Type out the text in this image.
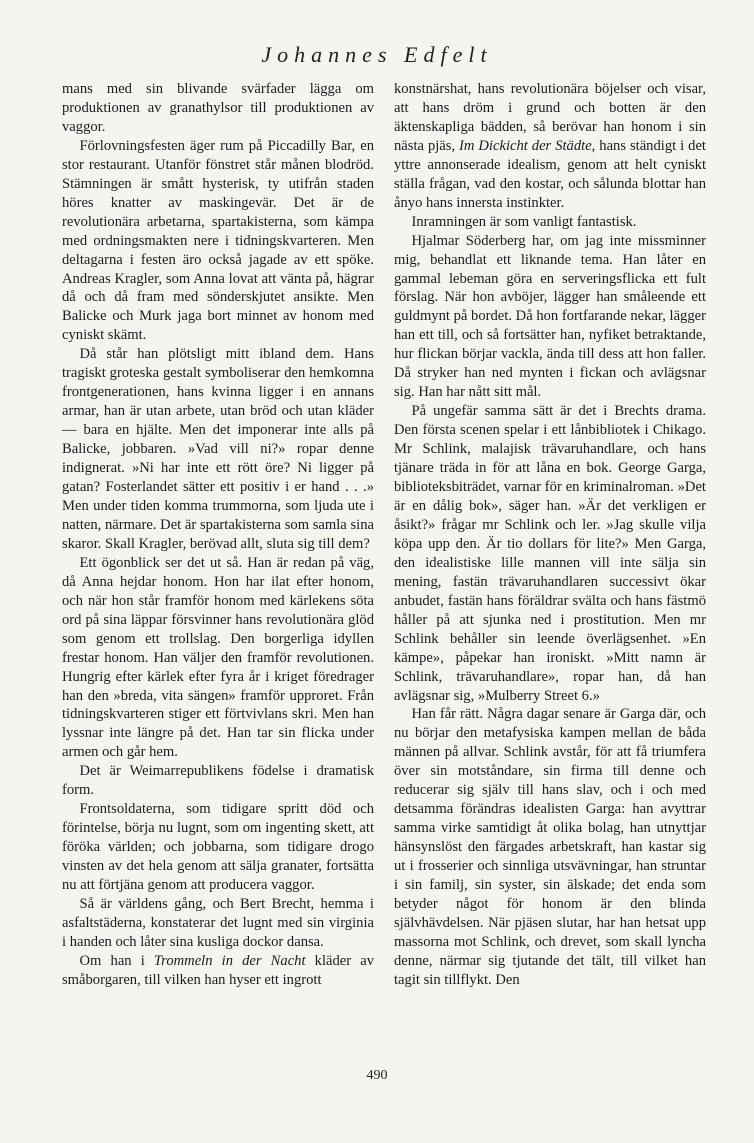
Johannes Edfelt

mans med sin blivande svärfader lägga om produktionen av granathylsor till produktionen av vaggor.

Förlovningsfesten äger rum på Piccadilly Bar, en stor restaurant. Utanför fönstret står månen blodröd. Stämningen är smått hysterisk, ty utifrån staden höres knatter av maskingevär. Det är de revolutionära arbetarna, spartakisterna, som kämpa med ordningsmakten nere i tidningskvarteren. Men deltagarna i festen äro också jagade av ett spöke. Andreas Kragler, som Anna lovat att vänta på, hägrar då och då fram med sönderskjutet ansikte. Men Balicke och Murk jaga bort minnet av honom med cyniskt skämt.

Då står han plötsligt mitt ibland dem. Hans tragiskt groteska gestalt symboliserar den hemkomna frontgenerationen, hans kvinna ligger i en annans armar, han är utan arbete, utan bröd och utan kläder — bara en hjälte. Men det imponerar inte alls på Balicke, jobbaren. »Vad vill ni?» ropar denne indignerat. »Ni har inte ett rött öre? Ni ligger på gatan? Fosterlandet sätter ett positiv i er hand . . .» Men under tiden komma trummorna, som ljuda ute i natten, närmare. Det är spartakisterna som samla sina skaror. Skall Kragler, berövad allt, sluta sig till dem?

Ett ögonblick ser det ut så. Han är redan på väg, då Anna hejdar honom. Hon har ilat efter honom, och när hon står framför honom med kärlekens söta ord på sina läppar försvinner hans revolutionära glöd som genom ett trollslag. Den borgerliga idyllen frestar honom. Han väljer den framför revolutionen. Hungrig efter kärlek efter fyra år i kriget föredrager han den »breda, vita sängen» framför upproret. Från tidningskvarteren stiger ett förtvivlans skri. Men han lyssnar inte längre på det. Han tar sin flicka under armen och går hem.

Det är Weimarrepublikens födelse i dramatisk form.

Frontsoldaterna, som tidigare spritt död och förintelse, börja nu lugnt, som om ingenting skett, att föröka världen; och jobbarna, som tidigare drogo vinsten av det hela genom att sälja granater, fortsätta nu att förtjäna genom att producera vaggor.

Så är världens gång, och Bert Brecht, hemma i asfaltstäderna, konstaterar det lugnt med sin virginia i handen och låter sina kusliga dockor dansa.

Om han i Trommeln in der Nacht kläder av småborgaren, till vilken han hyser ett ingrott

konstnärshat, hans revolutionära böjelser och visar, att hans dröm i grund och botten är den äktenskapliga bädden, så berövar han honom i sin nästa pjäs, Im Dickicht der Städte, hans ständigt i det yttre annonserade idealism, genom att helt cyniskt ställa frågan, vad den kostar, och sålunda blottar han ånyo hans innersta instinkter.

Inramningen är som vanligt fantastisk.

Hjalmar Söderberg har, om jag inte missminner mig, behandlat ett liknande tema. Han låter en gammal lebeman göra en serveringsflicka ett fult förslag. När hon avböjer, lägger han småleende ett guldmynt på bordet. Då hon fortfarande nekar, lägger han ett till, och så fortsätter han, nyfiket betraktande, hur flickan börjar vackla, ända till dess att hon faller. Då stryker han ned mynten i fickan och avlägsnar sig. Han har nått sitt mål.

På ungefär samma sätt är det i Brechts drama. Den första scenen spelar i ett lånbibliotek i Chikago. Mr Schlink, malajisk trävaruhandlare, och hans tjänare träda in för att låna en bok. George Garga, biblioteksbiträdet, varnar för en kriminalroman. »Det är en dålig bok», säger han. »Är det verkligen er åsikt?» frågar mr Schlink och ler. »Jag skulle vilja köpa upp den. Är tio dollars för lite?» Men Garga, den idealistiske lille mannen vill inte sälja sin mening, fastän trävaruhandlaren successivt ökar anbudet, fastän hans föräldrar svälta och hans fästmö håller på att sjunka ned i prostitution. Men mr Schlink behåller sin leende överlägsenhet. »En kämpe», påpekar han ironiskt. »Mitt namn är Schlink, trävaruhandlare», ropar han, då han avlägsnar sig, »Mulberry Street 6.»

Han får rätt. Några dagar senare är Garga där, och nu börjar den metafysiska kampen mellan de båda männen på allvar. Schlink avstår, för att få triumfera över sin motståndare, sin firma till denne och reducerar sig själv till hans slav, och i och med detsamma förändras idealisten Garga: han avyttrar samma virke samtidigt åt olika bolag, han utnyttjar hänsynslöst den färgades arbetskraft, han kastar sig ut i frosserier och sinnliga utsvävningar, han struntar i sin familj, sin syster, sin älskade; det enda som betyder något för honom är den blinda självhävdelsen. När pjäsen slutar, har han hetsat upp massorna mot Schlink, och drevet, som skall lyncha denne, närmar sig tjutande det tält, till vilket han tagit sin tillflykt. Den

490
